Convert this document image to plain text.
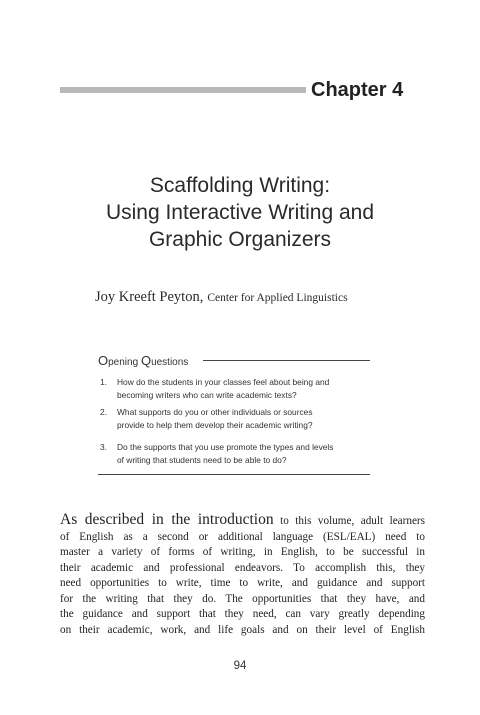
Chapter 4
Scaffolding Writing:
Using Interactive Writing and
Graphic Organizers
Joy Kreeft Peyton, Center for Applied Linguistics
Opening Questions
1. How do the students in your classes feel about being and
becoming writers who can write academic texts?
2. What supports do you or other individuals or sources
provide to help them develop their academic writing?
3. Do the supports that you use promote the types and levels
of writing that students need to be able to do?
As described in the introduction to this volume, adult learners
of English as a second or additional language (ESL/EAL) need to
master a variety of forms of writing, in English, to be successful in
their academic and professional endeavors. To accomplish this, they
need opportunities to write, time to write, and guidance and support
for the writing that they do. The opportunities that they have, and
the guidance and support that they need, can vary greatly depending
on their academic, work, and life goals and on their level of English
94
